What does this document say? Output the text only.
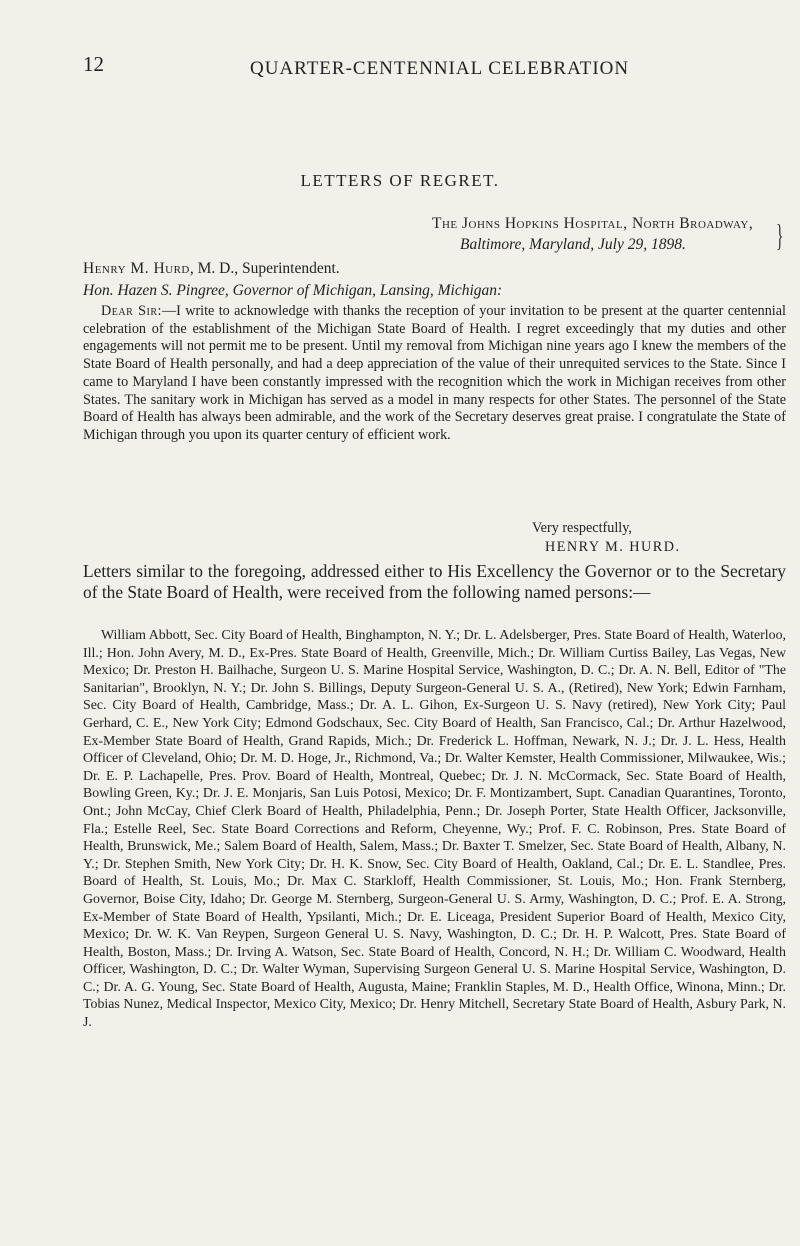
12	QUARTER-CENTENNIAL CELEBRATION
LETTERS OF REGRET.
The Johns Hopkins Hospital, North Broadway,
Baltimore, Maryland, July 29, 1898.	}
Henry M. Hurd, M. D., Superintendent.
Hon. Hazen S. Pingree, Governor of Michigan, Lansing, Michigan:

Dear Sir:—I write to acknowledge with thanks the reception of your invitation to be present at the quarter centennial celebration of the establishment of the Michigan State Board of Health. I regret exceedingly that my duties and other engagements will not permit me to be present. Until my removal from Michigan nine years ago I knew the members of the State Board of Health personally, and had a deep appreciation of the value of their unrequited services to the State. Since I came to Maryland I have been constantly impressed with the recognition which the work in Michigan receives from other States. The sanitary work in Michigan has served as a model in many respects for other States. The personnel of the State Board of Health has always been admirable, and the work of the Secretary deserves great praise. I congratulate the State of Michigan through you upon its quarter century of efficient work.

Very respectfully,
HENRY M. HURD.

Letters similar to the foregoing, addressed either to His Excellency the Governor or to the Secretary of the State Board of Health, were received from the following named persons:—

William Abbott, Sec. City Board of Health, Binghampton, N. Y.; Dr. L. Adelsberger, Pres. State Board of Health, Waterloo, Ill.; Hon. John Avery, M. D., Ex-Pres. State Board of Health, Greenville, Mich.; Dr. William Curtiss Bailey, Las Vegas, New Mexico; Dr. Preston H. Bailhache, Surgeon U. S. Marine Hospital Service, Washington, D. C.; Dr. A. N. Bell, Editor of "The Sanitarian", Brooklyn, N. Y.; Dr. John S. Billings, Deputy Surgeon-General U. S. A., (Retired), New York; Edwin Farnham, Sec. City Board of Health, Cambridge, Mass.; Dr. A. L. Gihon, Ex-Surgeon U. S. Navy (retired), New York City; Paul Gerhard, C. E., New York City; Edmond Godschaux, Sec. City Board of Health, San Francisco, Cal.; Dr. Arthur Hazelwood, Ex-Member State Board of Health, Grand Rapids, Mich.; Dr. Frederick L. Hoffman, Newark, N. J.; Dr. J. L. Hess, Health Officer of Cleveland, Ohio; Dr. M. D. Hoge, Jr., Richmond, Va.; Dr. Walter Kemster, Health Commissioner, Milwaukee, Wis.; Dr. E. P. Lachapelle, Pres. Prov. Board of Health, Montreal, Quebec; Dr. J. N. McCormack, Sec. State Board of Health, Bowling Green, Ky.; Dr. J. E. Monjaris, San Luis Potosi, Mexico; Dr. F. Montizambert, Supt. Canadian Quarantines, Toronto, Ont.; John McCay, Chief Clerk Board of Health, Philadelphia, Penn.; Dr. Joseph Porter, State Health Officer, Jacksonville, Fla.; Estelle Reel, Sec. State Board Corrections and Reform, Cheyenne, Wy.; Prof. F. C. Robinson, Pres. State Board of Health, Brunswick, Me.; Salem Board of Health, Salem, Mass.; Dr. Baxter T. Smelzer, Sec. State Board of Health, Albany, N. Y.; Dr. Stephen Smith, New York City; Dr. H. K. Snow, Sec. City Board of Health, Oakland, Cal.; Dr. E. L. Standlee, Pres. Board of Health, St. Louis, Mo.; Dr. Max C. Starkloff, Health Commissioner, St. Louis, Mo.; Hon. Frank Sternberg, Governor, Boise City, Idaho; Dr. George M. Sternberg, Surgeon-General U. S. Army, Washington, D. C.; Prof. E. A. Strong, Ex-Member of State Board of Health, Ypsilanti, Mich.; Dr. E. Liceaga, President Superior Board of Health, Mexico City, Mexico; Dr. W. K. Van Reypen, Surgeon General U. S. Navy, Washington, D. C.; Dr. H. P. Walcott, Pres. State Board of Health, Boston, Mass.; Dr. Irving A. Watson, Sec. State Board of Health, Concord, N. H.; Dr. William C. Woodward, Health Officer, Washington, D. C.; Dr. Walter Wyman, Supervising Surgeon General U. S. Marine Hospital Service, Washington, D. C.; Dr. A. G. Young, Sec. State Board of Health, Augusta, Maine; Franklin Staples, M. D., Health Office, Winona, Minn.; Dr. Tobias Nunez, Medical Inspector, Mexico City, Mexico; Dr. Henry Mitchell, Secretary State Board of Health, Asbury Park, N. J.
